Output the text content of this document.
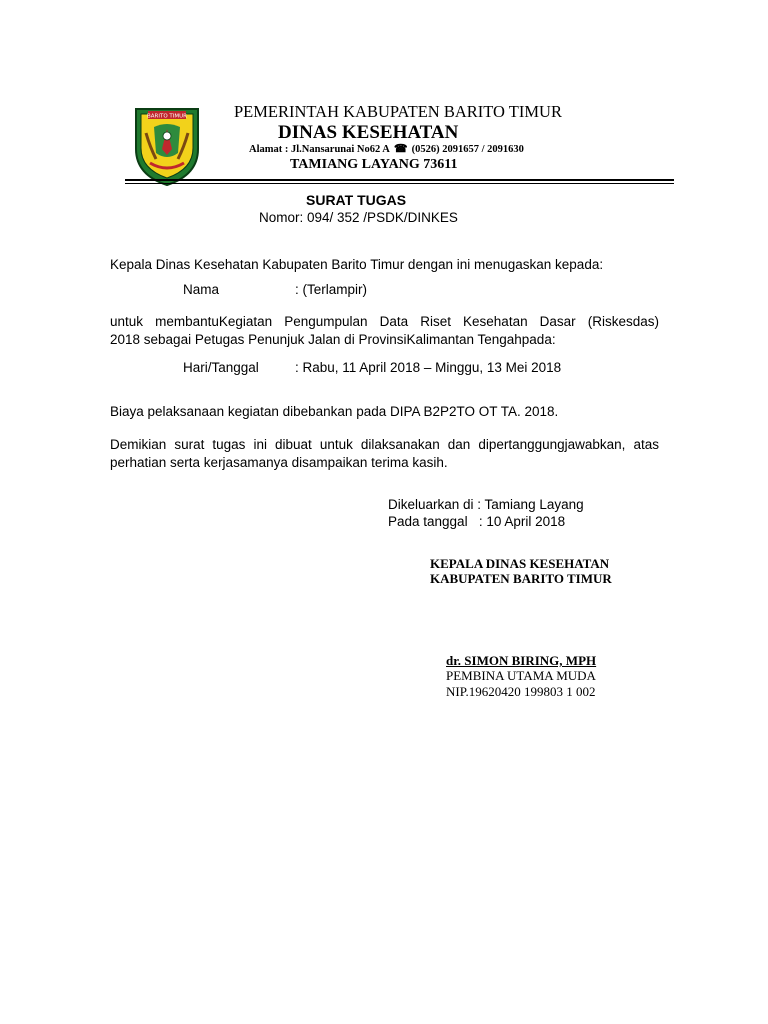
BARITO TIMUR	PEMERINTAH KABUPATEN BARITO TIMUR
DINAS KESEHATAN
Alamat : Jl.Nansarunai No62 A ☎ (0526) 2091657 / 2091630
TAMIANG LAYANG 73611
SURAT TUGAS
Nomor: 094/ 352 /PSDK/DINKES
Kepala Dinas Kesehatan Kabupaten Barito Timur dengan ini menugaskan kepada:
Nama	: (Terlampir)
untuk membantuKegiatan Pengumpulan Data Riset Kesehatan Dasar (Riskesdas)
2018 sebagai Petugas Penunjuk Jalan di ProvinsiKalimantan Tengahpada:
Hari/Tanggal	: Rabu, 11 April 2018 – Minggu, 13 Mei 2018
Biaya pelaksanaan kegiatan dibebankan pada DIPA B2P2TO OT TA. 2018.
Demikian surat tugas ini dibuat untuk dilaksanakan dan dipertanggungjawabkan, atas
perhatian serta kerjasamanya disampaikan terima kasih.
Dikeluarkan di : Tamiang Layang
Pada tanggal   : 10 April 2018
KEPALA DINAS KESEHATAN
KABUPATEN BARITO TIMUR
dr. SIMON BIRING, MPH
PEMBINA UTAMA MUDA
NIP.19620420 199803 1 002
